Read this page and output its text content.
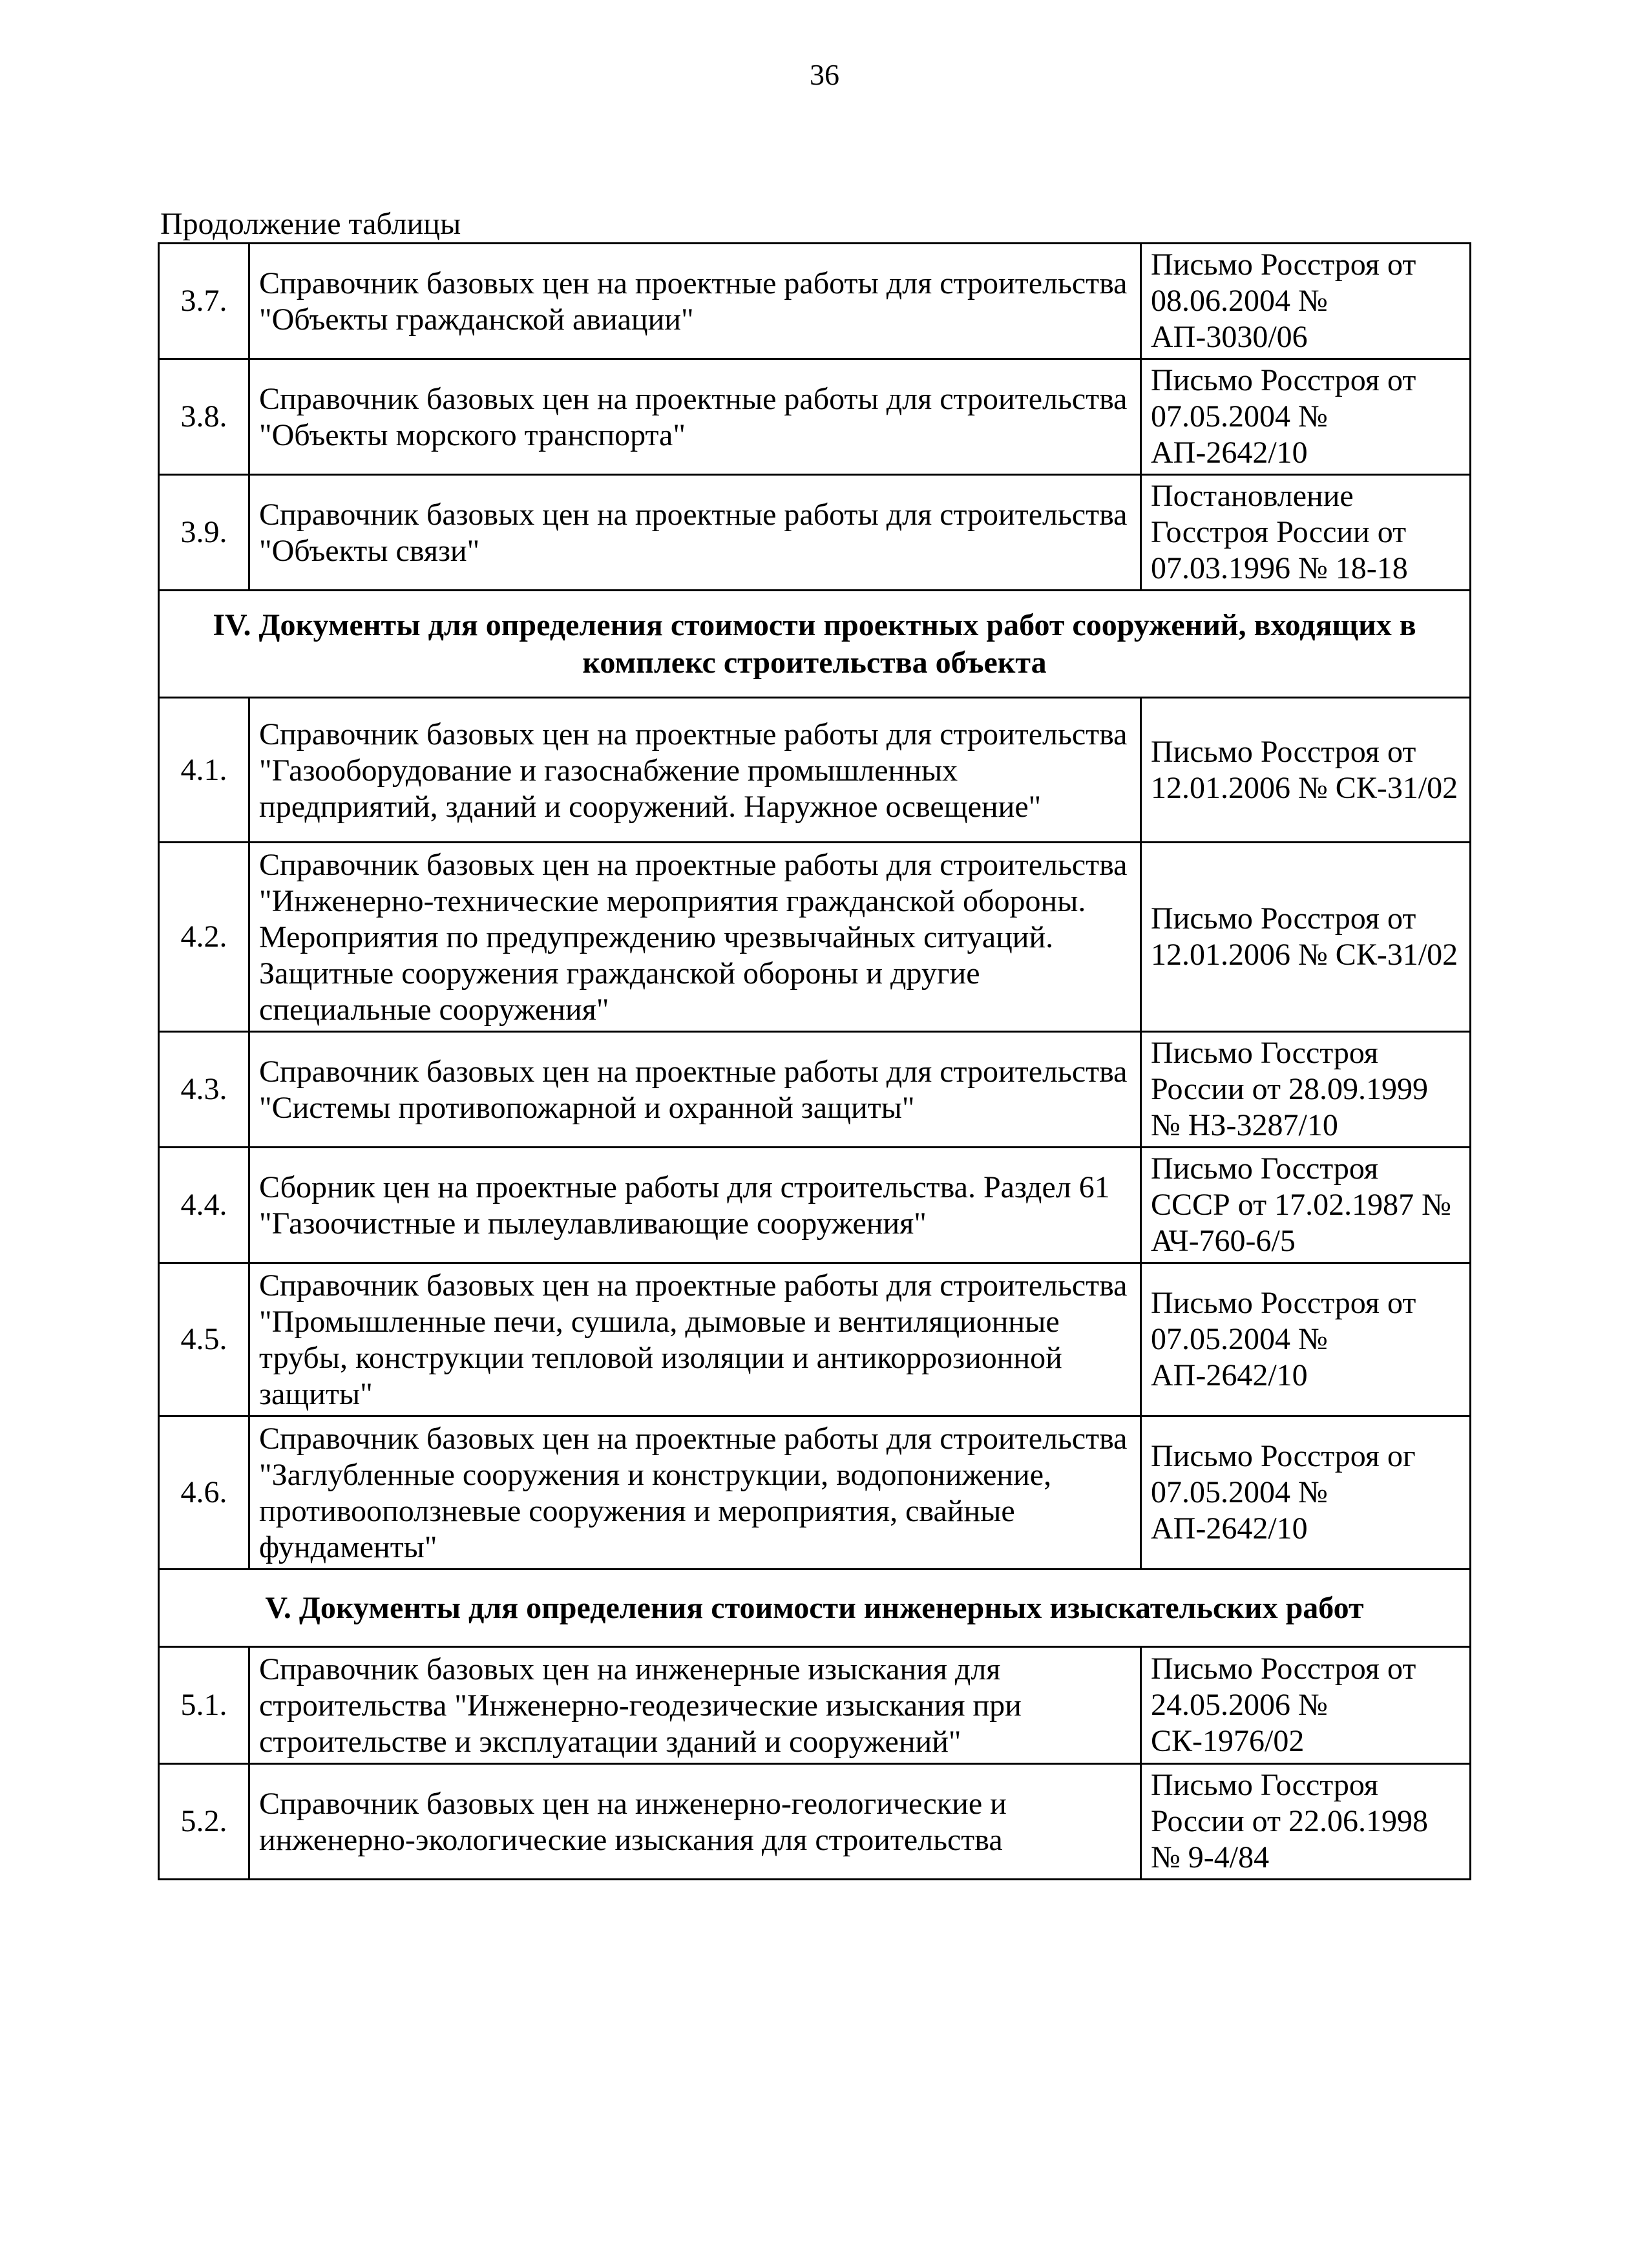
36
Продолжение таблицы
3.7.	Справочник базовых цен на проектные работы для строительства "Объекты гражданской авиации"	Письмо Росстроя от 08.06.2004 № АП-3030/06
3.8.	Справочник базовых цен на проектные работы для строительства "Объекты морского транспорта"	Письмо Росстроя от 07.05.2004 № АП-2642/10
3.9.	Справочник базовых цен на проектные работы для строительства "Объекты связи"	Постановление Госстроя России от 07.03.1996 № 18-18
IV. Документы для определения стоимости проектных работ сооружений, входящих в комплекс строительства объекта		
4.1.	Справочник базовых цен на проектные работы для строительства "Газооборудование и газоснабжение промышленных предприятий, зданий и сооружений. Наружное освещение"	Письмо Росстроя от 12.01.2006 № СК-31/02
4.2.	Справочник базовых цен на проектные работы для строительства "Инженерно-технические мероприятия гражданской обороны. Мероприятия по предупреждению чрезвычайных ситуаций. Защитные сооружения гражданской обороны и другие специальные сооружения"	Письмо Росстроя от 12.01.2006 № СК-31/02
4.3.	Справочник базовых цен на проектные работы для строительства "Системы противопожарной и охранной защиты"	Письмо Госстроя России от 28.09.1999 № НЗ-3287/10
4.4.	Сборник цен на проектные работы для строительства. Раздел 61 "Газоочистные и пылеулавливающие сооружения"	Письмо Госстроя СССР от 17.02.1987 № АЧ-760-6/5
4.5.	Справочник базовых цен на проектные работы для строительства "Промышленные печи, сушила, дымовые и вентиляционные трубы, конструкции тепловой изоляции и антикоррозионной защиты"	Письмо Росстроя от 07.05.2004 № АП-2642/10
4.6.	Справочник базовых цен на проектные работы для строительства "Заглубленные сооружения и конструкции, водопонижение, противооползневые сооружения и мероприятия, свайные фундаменты"	Письмо Росстроя ог 07.05.2004 № АП-2642/10
V. Документы для определения стоимости инженерных изыскательских работ		
5.1.	Справочник базовых цен на инженерные изыскания для строительства "Инженерно-геодезические изыскания при строительстве и эксплуатации зданий и сооружений"	Письмо Росстроя от 24.05.2006 № СК-1976/02
5.2.	Справочник базовых цен на инженерно-геологические и инженерно-экологические изыскания для строительства	Письмо Госстроя России от 22.06.1998 № 9-4/84
